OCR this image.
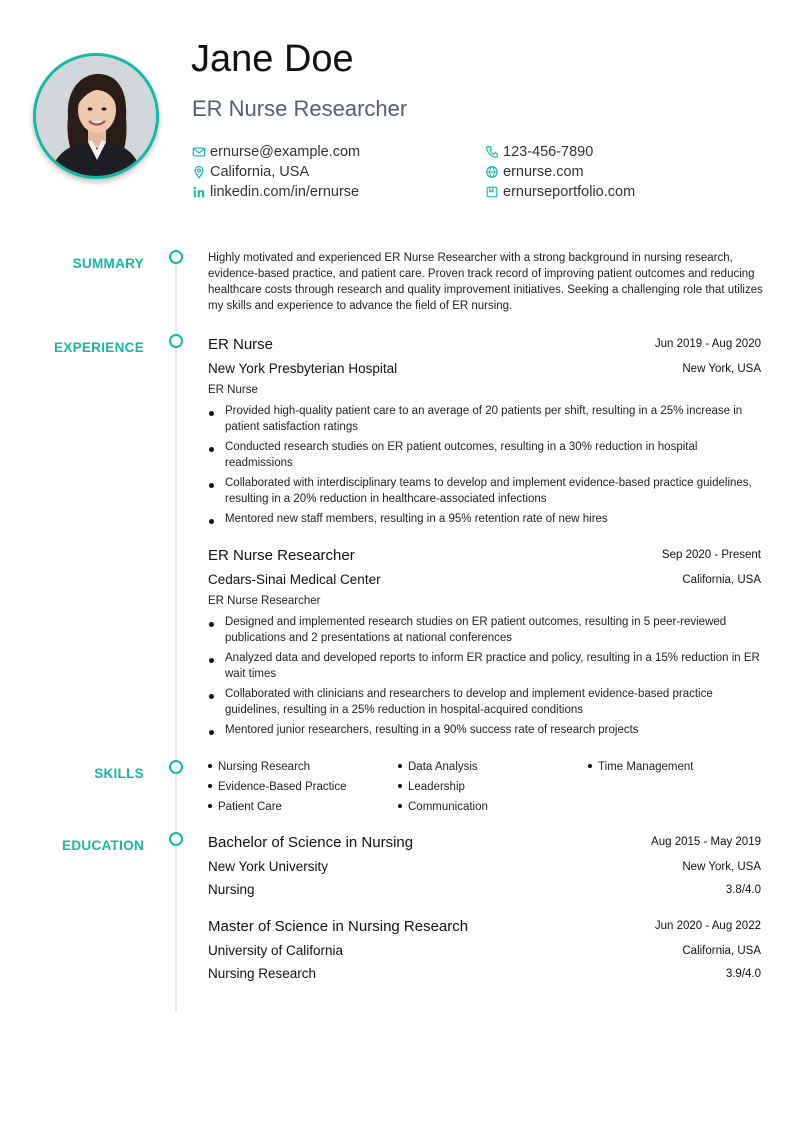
Jane Doe
ER Nurse Researcher
ernurse@example.com
California, USA
linkedin.com/in/ernurse
123-456-7890
ernurse.com
ernurseportfolio.com
SUMMARY	Highly motivated and experienced ER Nurse Researcher with a strong background in nursing research, evidence-based practice, and patient care. Proven track record of improving patient outcomes and reducing healthcare costs through research and quality improvement initiatives. Seeking a challenging role that utilizes my skills and experience to advance the field of ER nursing.
EXPERIENCE	ER Nurse	Jun 2019 - Aug 2020
New York Presbyterian Hospital	New York, USA
ER Nurse
Provided high-quality patient care to an average of 20 patients per shift, resulting in a 25% increase in patient satisfaction ratings
Conducted research studies on ER patient outcomes, resulting in a 30% reduction in hospital readmissions
Collaborated with interdisciplinary teams to develop and implement evidence-based practice guidelines, resulting in a 20% reduction in healthcare-associated infections
Mentored new staff members, resulting in a 95% retention rate of new hires
ER Nurse Researcher	Sep 2020 - Present
Cedars-Sinai Medical Center	California, USA
ER Nurse Researcher
Designed and implemented research studies on ER patient outcomes, resulting in 5 peer-reviewed publications and 2 presentations at national conferences
Analyzed data and developed reports to inform ER practice and policy, resulting in a 15% reduction in ER wait times
Collaborated with clinicians and researchers to develop and implement evidence-based practice guidelines, resulting in a 25% reduction in hospital-acquired conditions
Mentored junior researchers, resulting in a 90% success rate of research projects
SKILLS	Nursing Research	Data Analysis	Time Management
Evidence-Based Practice	Leadership
Patient Care	Communication
EDUCATION	Bachelor of Science in Nursing	Aug 2015 - May 2019
New York University	New York, USA
Nursing	3.8/4.0
Master of Science in Nursing Research	Jun 2020 - Aug 2022
University of California	California, USA
Nursing Research	3.9/4.0
